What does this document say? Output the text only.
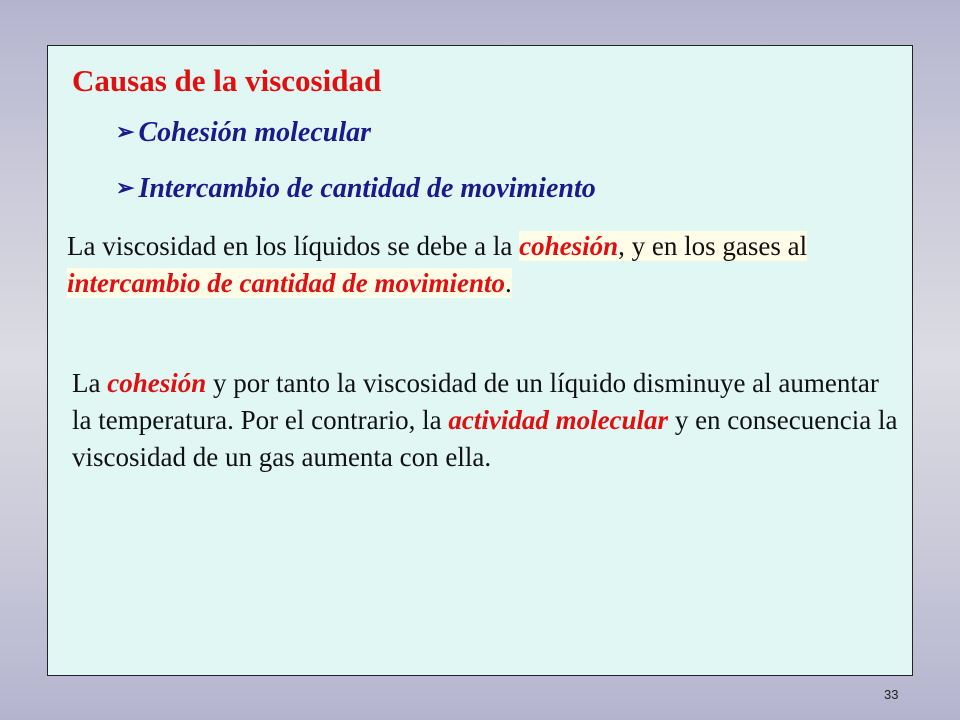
Causas de la viscosidad
➢ Cohesión molecular
➢ Intercambio de cantidad de movimiento

La viscosidad en los líquidos se debe a la cohesión, y en los gases al intercambio de cantidad de movimiento.

La cohesión y por tanto la viscosidad de un líquido disminuye al aumentar la temperatura. Por el contrario, la actividad molecular y en consecuencia la viscosidad de un gas aumenta con ella.

33
